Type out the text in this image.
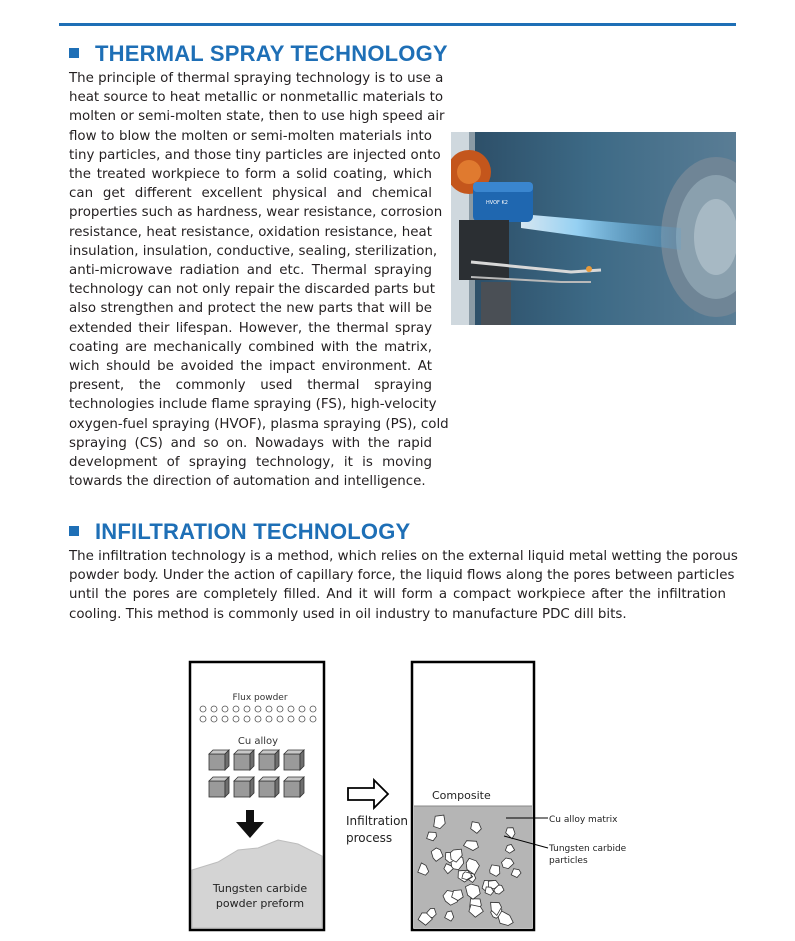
THERMAL SPRAY TECHNOLOGY
The principle of thermal spraying technology is to use a
heat source to heat metallic or nonmetallic materials to
molten or semi-molten state, then to use high speed air
flow to blow the molten or semi-molten materials into
tiny particles, and those tiny particles are injected onto
the treated workpiece to form a solid coating, which
can get different excellent physical and chemical
properties such as hardness, wear resistance, corrosion
resistance, heat resistance, oxidation resistance, heat
insulation, insulation, conductive, sealing, sterilization,
anti-microwave radiation and etc. Thermal spraying
technology can not only repair the discarded parts but
also strengthen and protect the new parts that will be
extended their lifespan. However, the thermal spray
coating are mechanically combined with the matrix,
wich should be avoided the impact environment. At
present, the commonly used thermal spraying
technologies include flame spraying (FS), high-velocity
oxygen-fuel spraying (HVOF), plasma spraying (PS), cold
spraying (CS) and so on. Nowadays with the rapid
development of spraying technology, it is moving
towards the direction of automation and intelligence.
HVOF K2
INFILTRATION TECHNOLOGY
The infiltration technology is a method, which relies on the external liquid metal wetting the porous
powder body. Under the action of capillary force, the liquid flows along the pores between particles
until the pores are completely filled. And it will form a compact workpiece after the infiltration
cooling. This method is commonly used in oil industry to manufacture PDC dill bits.
Flux powder
Cu alloy
Tungsten carbide
powder preform
Infiltration
process
Composite
Cu alloy matrix
Tungsten carbide
particles
